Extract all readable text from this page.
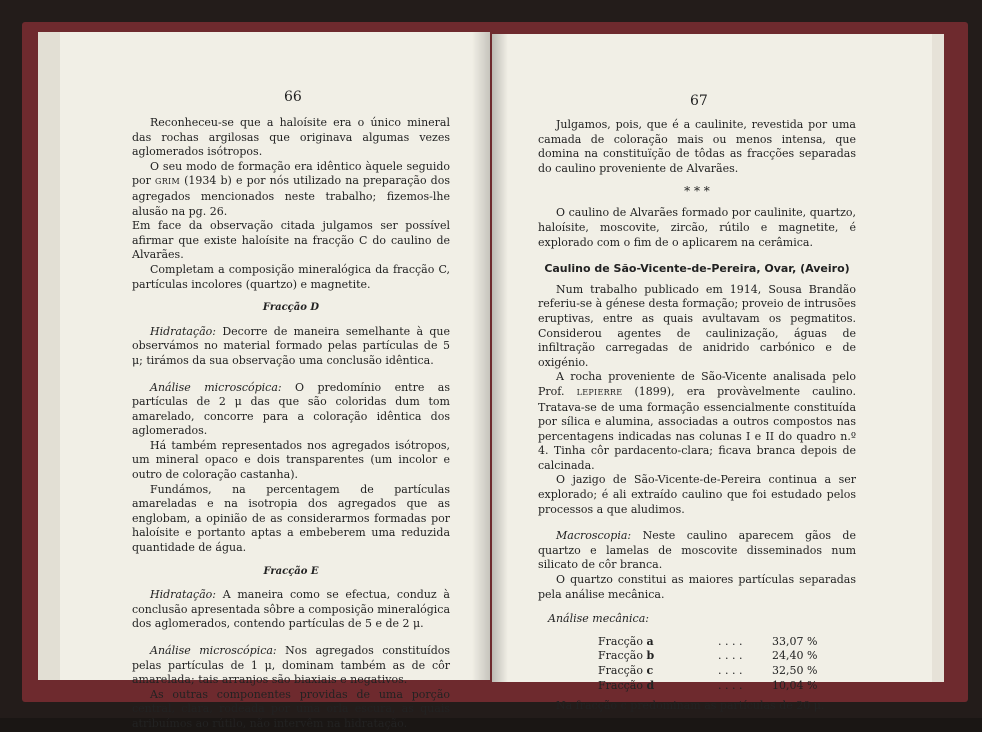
66

Reconheceu-se que a haloísite era o único mineral das rochas argilosas que originava algumas vezes aglomerados isótropos.

O seu modo de formação era idêntico àquele seguido por GRIM (1934 b) e por nós utilizado na preparação dos agregados mencionados neste trabalho; fizemos-lhe alusão na pg. 26.

Em face da observação citada julgamos ser possível afirmar que existe haloísite na fracção C do caulino de Alvarães.

Completam a composição mineralógica da fracção C, partículas incolores (quartzo) e magnetite.

Fracção D

Hidratação: Decorre de maneira semelhante à que observámos no material formado pelas partículas de 5 μ; tirámos da sua observação uma conclusão idêntica.

Análise microscópica: O predomínio entre as partículas de 2 μ das que são coloridas dum tom amarelado, concorre para a coloração idêntica dos aglomerados.

Há também representados nos agregados isótropos, um mineral opaco e dois transparentes (um incolor e outro de coloração castanha).

Fundámos, na percentagem de partículas amareladas e na isotropia dos agregados que as englobam, a opinião de as considerarmos formadas por haloísite e portanto aptas a embeberem uma reduzida quantidade de água.

Fracção E

Hidratação: A maneira como se efectua, conduz à conclusão apresentada sôbre a composição mineralógica dos aglomerados, contendo partículas de 5 e de 2 μ.

Análise microscópica: Nos agregados constituídos pelas partículas de 1 μ, dominam também as de côr amarelada; tais arranjos são biaxiais e negativos.

As outras componentes providas de uma porção central, clara, rodeada por uma orla escura, as quais atribuímos ao rútilo, não intervêm na hidratação.

67

Julgamos, pois, que é a caulinite, revestida por uma camada de coloração mais ou menos intensa, que domina na constituïção de tôdas as fracções separadas do caulino proveniente de Alvarães.

* * *

O caulino de Alvarães formado por caulinite, quartzo, haloísite, moscovite, zircão, rútilo e magnetite, é explorado com o fim de o aplicarem na cerâmica.

Caulino de São-Vicente-de-Pereira, Ovar, (Aveiro)

Num trabalho publicado em 1914, Sousa Brandão referiu-se à génese desta formação; proveio de intrusões eruptivas, entre as quais avultavam os pegmatitos. Considerou agentes de caulinização, águas de infiltração carregadas de anidrido carbónico e de oxigénio.

A rocha proveniente de São-Vicente analisada pelo Prof. LEPIERRE (1899), era provàvelmente caulino. Tratava-se de uma formação essencialmente constituída por sílica e alumina, associadas a outros compostos nas percentagens indicadas nas colunas I e II do quadro n.º 4. Tinha côr pardacento-clara; ficava branca depois de calcinada.

O jazigo de São-Vicente-de-Pereira continua a ser explorado; é ali extraído caulino que foi estudado pelos processos a que aludimos.

Macroscopia: Neste caulino aparecem gãos de quartzo e lamelas de moscovite disseminados num silicato de côr branca.

O quartzo constitui as maiores partículas separadas pela análise mecânica.

Análise mecânica:
Fracção a	. . . .	33,07 %
Fracção b	. . . .	24,40 %
Fracção c	. . . .	32,50 %
Fracção d	. . . .	10,04 %

Na fracção c predominam as partículas de 20 μ.
